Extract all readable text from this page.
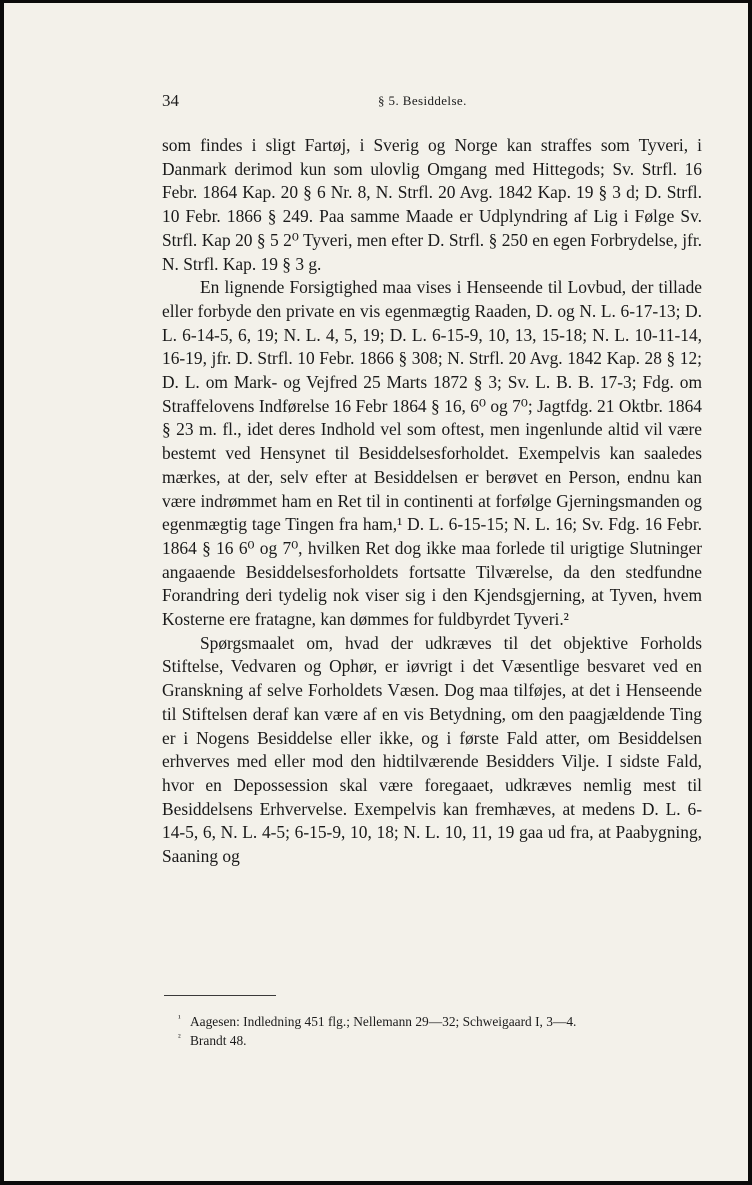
34	§ 5. Besiddelse.

som findes i sligt Fartøj, i Sverig og Norge kan straffes som Tyveri, i Danmark derimod kun som ulovlig Omgang med Hittegods; Sv. Strfl. 16 Febr. 1864 Kap. 20 § 6 Nr. 8, N. Strfl. 20 Avg. 1842 Kap. 19 § 3 d; D. Strfl. 10 Febr. 1866 § 249. Paa samme Maade er Udplyndring af Lig i Følge Sv. Strfl. Kap 20 § 5 2⁰ Tyveri, men efter D. Strfl. § 250 en egen Forbrydelse, jfr. N. Strfl. Kap. 19 § 3 g.

En lignende Forsigtighed maa vises i Henseende til Lovbud, der tillade eller forbyde den private en vis egenmægtig Raaden, D. og N. L. 6-17-13; D. L. 6-14-5, 6, 19; N. L. 4, 5, 19; D. L. 6-15-9, 10, 13, 15-18; N. L. 10-11-14, 16-19, jfr. D. Strfl. 10 Febr. 1866 § 308; N. Strfl. 20 Avg. 1842 Kap. 28 § 12; D. L. om Mark- og Vejfred 25 Marts 1872 § 3; Sv. L. B. B. 17-3; Fdg. om Straffelovens Indførelse 16 Febr 1864 § 16, 6⁰ og 7⁰; Jagtfdg. 21 Oktbr. 1864 § 23 m. fl., idet deres Indhold vel som oftest, men ingenlunde altid vil være bestemt ved Hensynet til Besiddelsesforholdet. Exempelvis kan saaledes mærkes, at der, selv efter at Besiddelsen er berøvet en Person, endnu kan være indrømmet ham en Ret til in continenti at forfølge Gjerningsmanden og egenmægtig tage Tingen fra ham,¹ D. L. 6-15-15; N. L. 16; Sv. Fdg. 16 Febr. 1864 § 16 6⁰ og 7⁰, hvilken Ret dog ikke maa forlede til urigtige Slutninger angaaende Besiddelsesforholdets fortsatte Tilværelse, da den stedfundne Forandring deri tydelig nok viser sig i den Kjendsgjerning, at Tyven, hvem Kosterne ere fratagne, kan dømmes for fuldbyrdet Tyveri.²

Spørgsmaalet om, hvad der udkræves til det objektive Forholds Stiftelse, Vedvaren og Ophør, er iøvrigt i det Væsentlige besvaret ved en Granskning af selve Forholdets Væsen. Dog maa tilføjes, at det i Henseende til Stiftelsen deraf kan være af en vis Betydning, om den paagjældende Ting er i Nogens Besiddelse eller ikke, og i første Fald atter, om Besiddelsen erhverves med eller mod den hidtilværende Besidders Vilje. I sidste Fald, hvor en Depossession skal være foregaaet, udkræves nemlig mest til Besiddelsens Erhvervelse. Exempelvis kan fremhæves, at medens D. L. 6-14-5, 6, N. L. 4-5; 6-15-9, 10, 18; N. L. 10, 11, 19 gaa ud fra, at Paabygning, Saaning og

¹ Aagesen: Indledning 451 flg.; Nellemann 29—32; Schweigaard I, 3—4.

² Brandt 48.
